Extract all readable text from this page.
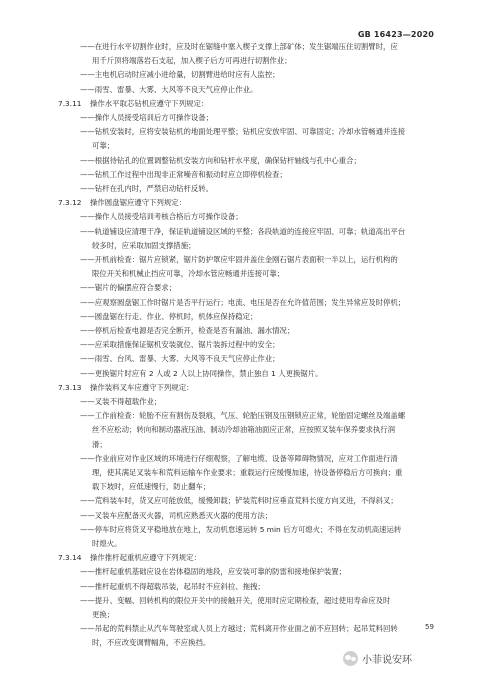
GB 16423—2020
——在进行水平切割作业时，应及时在锯缝中塞入楔子支撑上部矿体；发生锯端压住切割臂时，应
用千斤顶将端落岩石支起，加入楔子后方可再进行切割作业；
——主电机启动时应减小进给量，切割臂进给时应有人监控；
——雨雪、雷暴、大雾、大风等不良天气应停止作业。
7.3.11 操作水平取芯钻机应遵守下列规定：
——操作人员接受培训后方可操作设备；
——钻机安装时，应将安装钻机的地面处理平整；钻机应安放牢固、可靠固定；冷却水管畅通并连接
可靠；
——根据待钻孔的位置调整钻机安装方向和钻杆水平度，确保钻杆轴线与孔中心重合；
——钻机工作过程中出现非正常噪音和振动时应立即停机检查；
——钻杆在孔内时，严禁启动钻杆反转。
7.3.12 操作圆盘锯应遵守下列规定：
——操作人员接受培训考核合格后方可操作设备；
——轨道铺设应清理干净，保证轨道铺设区域的平整；各段轨道的连接应牢固、可靠；轨道高出平台
较多时，应采取加固支撑措施；
——开机前检查：锯片应锁紧，锯片防护罩应牢固并盖住金刚石锯片表面积一半以上，运行机构的
限位开关和机械止挡应可靠，冷却水管应畅通并连接可靠；
——锯片的偏摆应符合要求；
——应观察圆盘锯工作时锯片是否平行运行；电流、电压是否在允许值范围；发生异常应及时停机；
——圆盘锯在行走、作业、停机时，机体应保持稳定；
——停机后检查电源是否完全断开，检查是否有漏油、漏水情况；
——应采取措施保证锯机安装就位、锯片装拆过程中的安全；
——雨雪、台风、雷暴、大雾、大风等不良天气应停止作业；
——更换锯片时应有 2 人或 2 人以上协同操作，禁止独自 1 人更换锯片。
7.3.13 操作装料叉车应遵守下列规定：
——叉装不得超载作业；
——工作前检查：轮胎不应有割伤及裂痕，气压、轮胎压钢及压钢锁应正常，轮胎固定螺丝及端盖螺
丝不应松动；转向和制动器液压油、制动冷却油箱油面应正常，应按照叉装车保养要求执行润
滑；
——作业前应对作业区域的环境进行仔细观察，了解电缆、设备等障碍物情况，应对工作面进行清
理，使其满足叉装车和荒料运输车作业要求；重载运行应缓慢加速，待设备停稳后方可换向；重
载下坡时，应低速慢行，防止翻车；
——荒料装车时，货叉应可能放低，缓慢卸载；铲装荒料时应垂直荒料长度方向叉进，不得斜叉；
——叉装车应配备灭火器，司机应熟悉灭火器的使用方法；
——停车时应将货叉平稳地放在地上，发动机怠速运转 5 min 后方可熄火；不得在发动机高速运转
时熄火。
7.3.14 操作推杆起重机应遵守下列规定：
——推杆起重机基础应设在岩体稳固的地段，应安装可靠的防雷和接地保护装置；
——推杆起重机不得超载吊装，起吊时不应斜拉、拖拽；
——提升、变幅、回转机构的限位开关中的接触开关，使用时应定期检查，超过使用寿命应及时
更换；
——吊起的荒料禁止从汽车驾驶室或人员上方越过；荒料离开作业面之前不应回转；起吊荒料回转
时，不应改变调臂幅角，不应换挡。
59
小菲说安环
